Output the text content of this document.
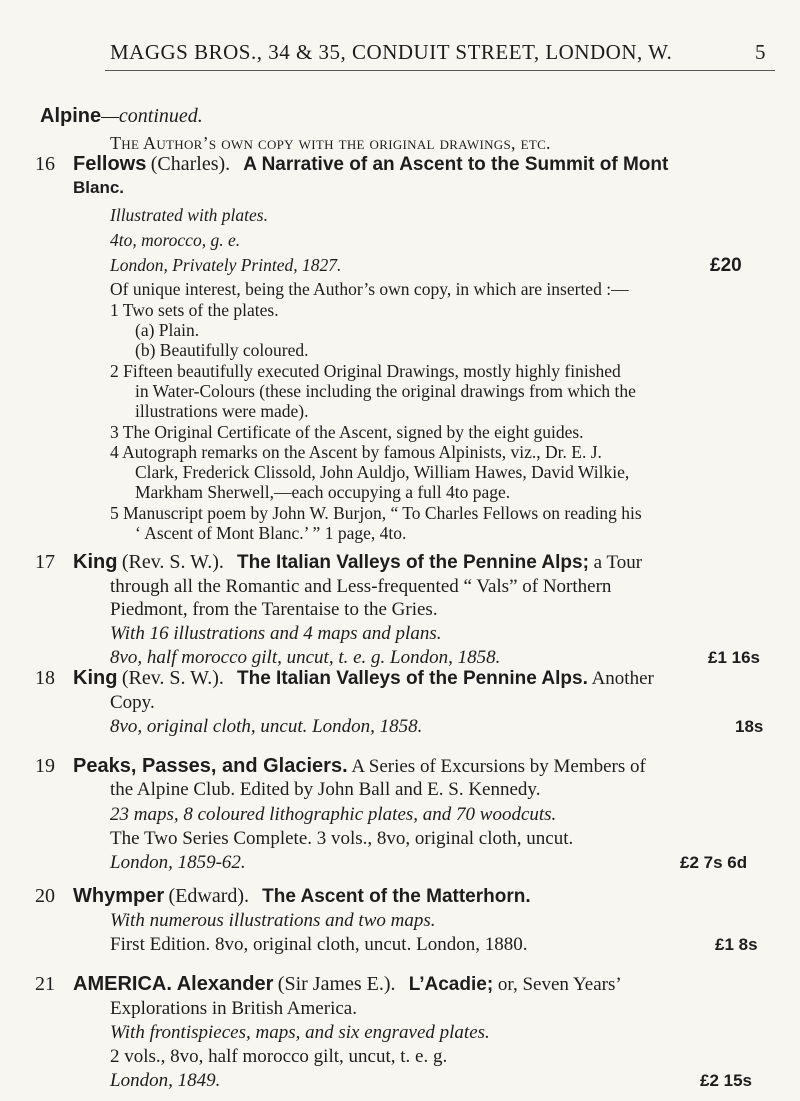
MAGGS BROS., 34 & 35, CONDUIT STREET, LONDON, W.	5
Alpine—continued.
The Author’s own copy with the original drawings, etc.
16 Fellows (Charles). A Narrative of an Ascent to the Summit of Mont
Blanc.
Illustrated with plates.
4to, morocco, g. e.
London, Privately Printed, 1827.	£20
Of unique interest, being the Author’s own copy, in which are inserted :—
1 Two sets of the plates.
(a) Plain.
(b) Beautifully coloured.
2 Fifteen beautifully executed Original Drawings, mostly highly finished
in Water-Colours (these including the original drawings from which the
illustrations were made).
3 The Original Certificate of the Ascent, signed by the eight guides.
4 Autograph remarks on the Ascent by famous Alpinists, viz., Dr. E. J.
Clark, Frederick Clissold, John Auldjo, William Hawes, David Wilkie,
Markham Sherwell,—each occupying a full 4to page.
5 Manuscript poem by John W. Burjon, “ To Charles Fellows on reading his
‘ Ascent of Mont Blanc.’ ” 1 page, 4to.
17 King (Rev. S. W.). The Italian Valleys of the Pennine Alps; a Tour
through all the Romantic and Less-frequented “ Vals” of Northern
Piedmont, from the Tarentaise to the Gries.
With 16 illustrations and 4 maps and plans.
8vo, half morocco gilt, uncut, t. e. g. London, 1858.	£1 16s
18 King (Rev. S. W.). The Italian Valleys of the Pennine Alps. Another
Copy.
8vo, original cloth, uncut. London, 1858.	18s
19 Peaks, Passes, and Glaciers. A Series of Excursions by Members of
the Alpine Club. Edited by John Ball and E. S. Kennedy.
23 maps, 8 coloured lithographic plates, and 70 woodcuts.
The Two Series Complete. 3 vols., 8vo, original cloth, uncut.
London, 1859-62.	£2 7s 6d
20 Whymper (Edward). The Ascent of the Matterhorn.
With numerous illustrations and two maps.
First Edition. 8vo, original cloth, uncut. London, 1880.	£1 8s
21 AMERICA. Alexander (Sir James E.). L’Acadie; or, Seven Years’
Explorations in British America.
With frontispieces, maps, and six engraved plates.
2 vols., 8vo, half morocco gilt, uncut, t. e. g.
London, 1849.	£2 15s
